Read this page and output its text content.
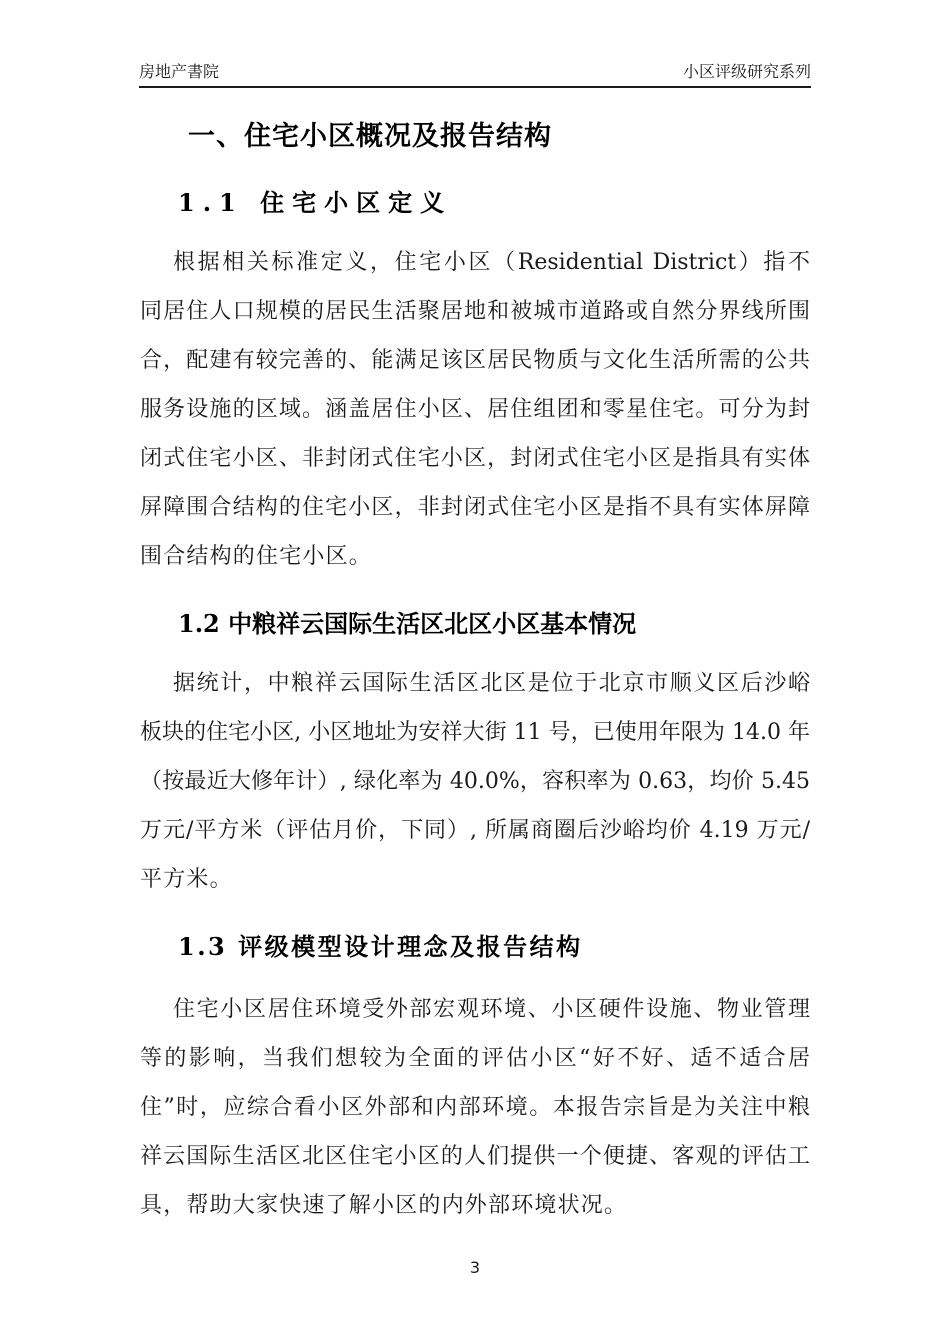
房地产書院	小区评级研究系列
一、住宅小区概况及报告结构
1.1 住宅小区定义
根据相关标准定义，住宅小区（Residential District）指不
同居住人口规模的居民生活聚居地和被城市道路或自然分界线所围
合，配建有较完善的、能满足该区居民物质与文化生活所需的公共
服务设施的区域。涵盖居住小区、居住组团和零星住宅。可分为封
闭式住宅小区、非封闭式住宅小区，封闭式住宅小区是指具有实体
屏障围合结构的住宅小区，非封闭式住宅小区是指不具有实体屏障
围合结构的住宅小区。
1.2 中粮祥云国际生活区北区小区基本情况
据统计，中粮祥云国际生活区北区是位于北京市顺义区后沙峪
板块的住宅小区, 小区地址为安祥大街 11 号，已使用年限为 14.0 年
（按最近大修年计）, 绿化率为 40.0%，容积率为 0.63，均价 5.45
万元/平方米（评估月价，下同）, 所属商圈后沙峪均价 4.19 万元/
平方米。
1.3 评级模型设计理念及报告结构
住宅小区居住环境受外部宏观环境、小区硬件设施、物业管理
等的影响，当我们想较为全面的评估小区“好不好、适不适合居
住”时，应综合看小区外部和内部环境。本报告宗旨是为关注中粮
祥云国际生活区北区住宅小区的人们提供一个便捷、客观的评估工
具，帮助大家快速了解小区的内外部环境状况。
3
